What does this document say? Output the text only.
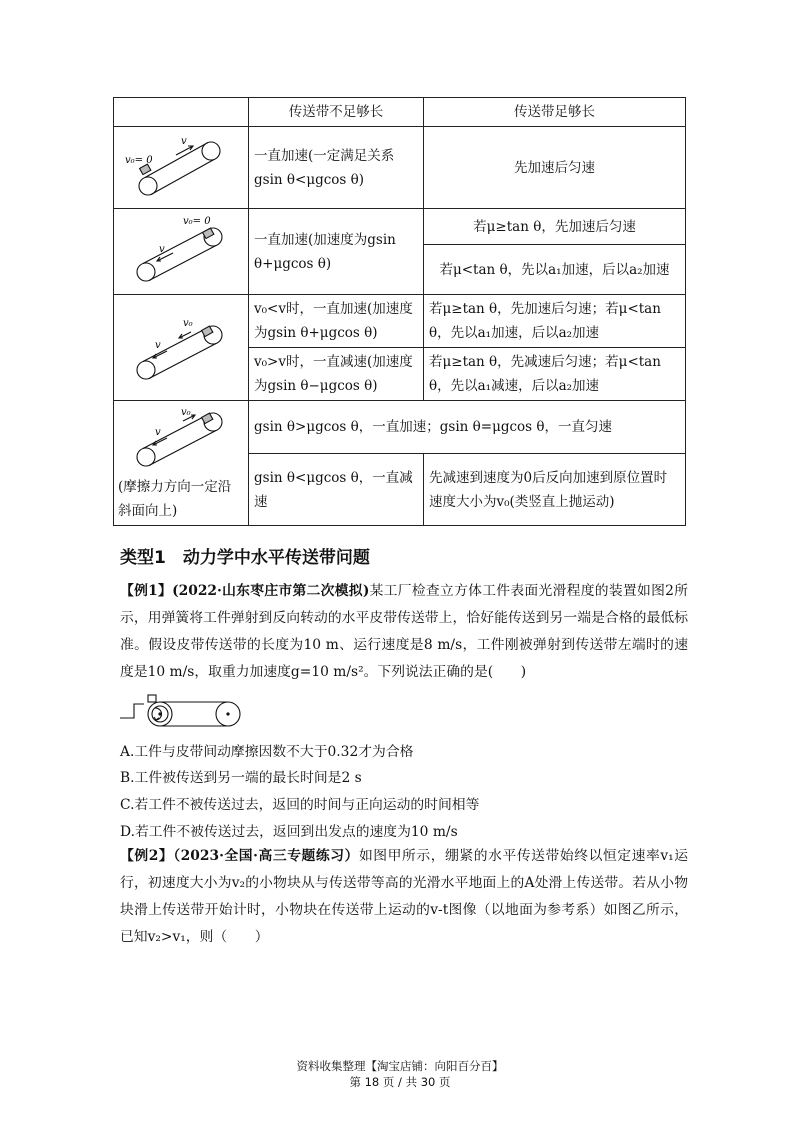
	传送带不足够长	传送带足够长

v₀= 0
v	一直加速(一定满足关系gsin θ<μgcos θ)	先加速后匀速

v₀= 0
v	一直加速(加速度为gsin θ+μgcos θ)	若μ≥tan θ，先加速后匀速
		若μ<tan θ，先以a₁加速，后以a₂加速

v₀
v	v₀<v时，一直加速(加速度为gsin θ+μgcos θ)	若μ≥tan θ，先加速后匀速；若μ<tan θ，先以a₁加速，后以a₂加速
	v₀>v时，一直减速(加速度为gsin θ−μgcos θ)	若μ≥tan θ，先减速后匀速；若μ<tan θ，先以a₁减速，后以a₂加速

v₀
v
(摩擦力方向一定沿斜面向上)	gsin θ>μgcos θ，一直加速；gsin θ=μgcos θ，一直匀速	
	gsin θ<μgcos θ，一直减速	先减速到速度为0后反向加速到原位置时速度大小为v₀(类竖直上抛运动)
类型1　动力学中水平传送带问题
【例1】(2022·山东枣庄市第二次模拟)某工厂检查立方体工件表面光滑程度的装置如图2所示，用弹簧将工件弹射到反向转动的水平皮带传送带上，恰好能传送到另一端是合格的最低标准。假设皮带传送带的长度为10 m、运行速度是8 m/s，工件刚被弹射到传送带左端时的速度是10 m/s，取重力加速度g=10 m/s²。下列说法正确的是(　　)
A.工件与皮带间动摩擦因数不大于0.32才为合格
B.工件被传送到另一端的最长时间是2 s
C.若工件不被传送过去，返回的时间与正向运动的时间相等
D.若工件不被传送过去，返回到出发点的速度为10 m/s
【例2】（2023·全国·高三专题练习）如图甲所示，绷紧的水平传送带始终以恒定速率v₁运行，初速度大小为v₂的小物块从与传送带等高的光滑水平地面上的A处滑上传送带。若从小物块滑上传送带开始计时，小物块在传送带上运动的v-t图像（以地面为参考系）如图乙所示，已知v₂>v₁，则（　　）
资料收集整理【淘宝店铺：向阳百分百】
第 18 页 / 共 30 页
